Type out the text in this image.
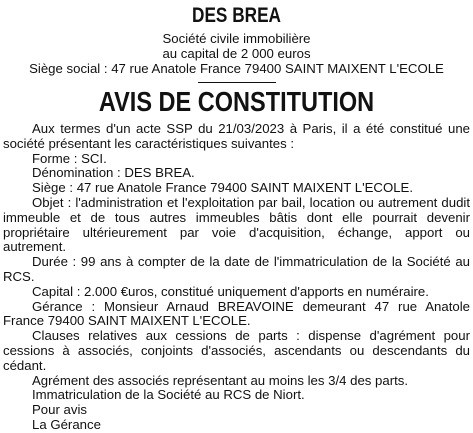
DES BREA
Société civile immobilière
au capital de 2 000 euros
Siège social : 47 rue Anatole France 79400 SAINT MAIXENT L'ECOLE
AVIS DE CONSTITUTION

Aux termes d'un acte SSP du 21/03/2023 à Paris, il a été constitué une société présentant les caractéristiques suivantes :

Forme : SCI.

Dénomination : DES BREA.

Siège : 47 rue Anatole France 79400 SAINT MAIXENT L'ECOLE.

Objet : l'administration et l'exploitation par bail, location ou autrement dudit immeuble et de tous autres immeubles bâtis dont elle pourrait devenir propriétaire ultérieurement par voie d'acquisition, échange, apport ou autrement.

Durée : 99 ans à compter de la date de l'immatriculation de la Société au RCS.

Capital : 2.000 €uros, constitué uniquement d'apports en numéraire.

Gérance : Monsieur Arnaud BREAVOINE demeurant 47 rue Anatole France 79400 SAINT MAIXENT L'ECOLE.

Clauses relatives aux cessions de parts : dispense d'agrément pour cessions à associés, conjoints d'associés, ascendants ou descendants du cédant.

Agrément des associés représentant au moins les 3/4 des parts.

Immatriculation de la Société au RCS de Niort.

Pour avis

La Gérance
